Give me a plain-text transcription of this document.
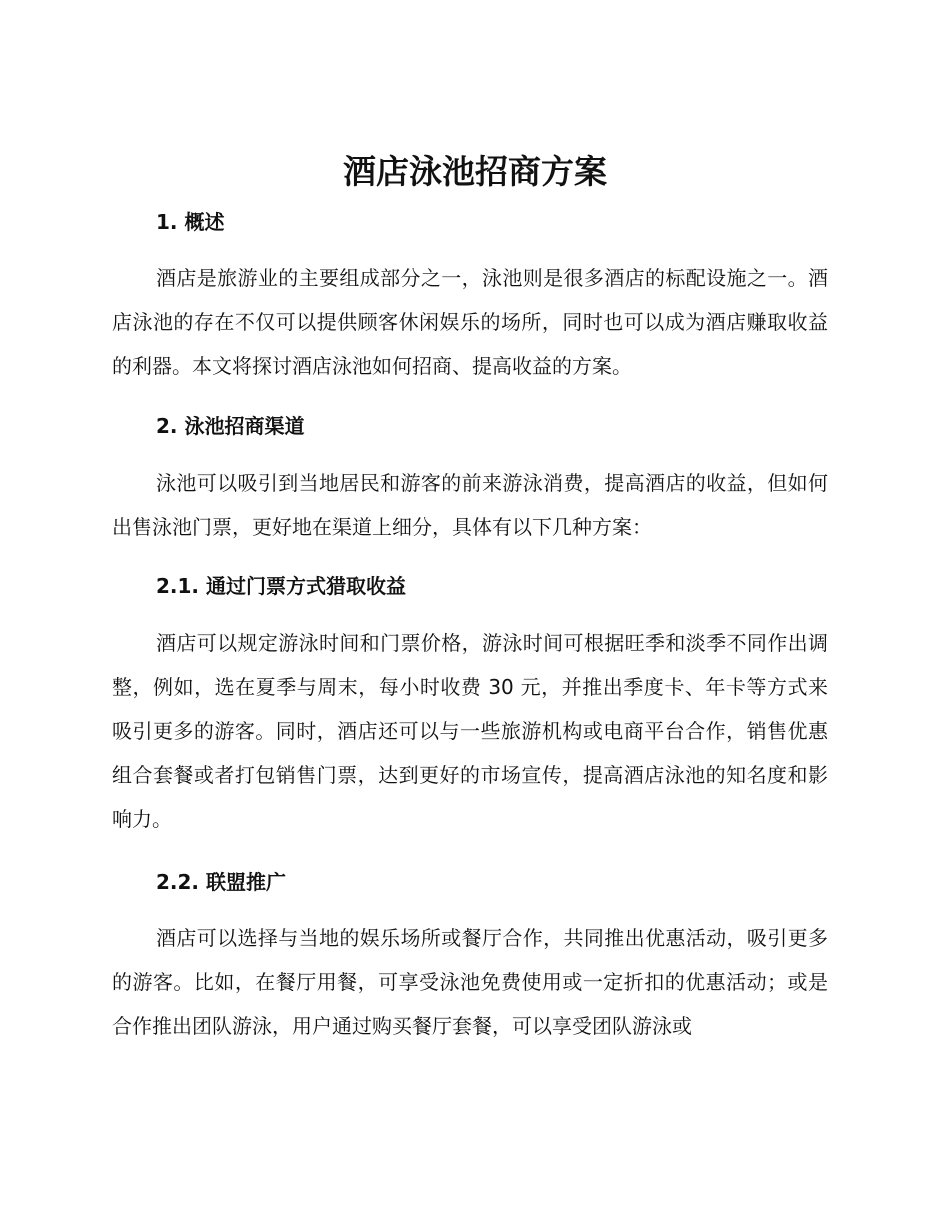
酒店泳池招商方案
1. 概述

酒店是旅游业的主要组成部分之一，泳池则是很多酒店的标配设施之一。酒店泳池的存在不仅可以提供顾客休闲娱乐的场所，同时也可以成为酒店赚取收益的利器。本文将探讨酒店泳池如何招商、提高收益的方案。

2. 泳池招商渠道

泳池可以吸引到当地居民和游客的前来游泳消费，提高酒店的收益，但如何出售泳池门票，更好地在渠道上细分，具体有以下几种方案：

2.1. 通过门票方式猎取收益

酒店可以规定游泳时间和门票价格，游泳时间可根据旺季和淡季不同作出调整，例如，选在夏季与周末，每小时收费 30 元，并推出季度卡、年卡等方式来吸引更多的游客。同时，酒店还可以与一些旅游机构或电商平台合作，销售优惠组合套餐或者打包销售门票，达到更好的市场宣传，提高酒店泳池的知名度和影响力。

2.2. 联盟推广

酒店可以选择与当地的娱乐场所或餐厅合作，共同推出优惠活动，吸引更多的游客。比如，在餐厅用餐，可享受泳池免费使用或一定折扣的优惠活动；或是合作推出团队游泳，用户通过购买餐厅套餐，可以享受团队游泳或
